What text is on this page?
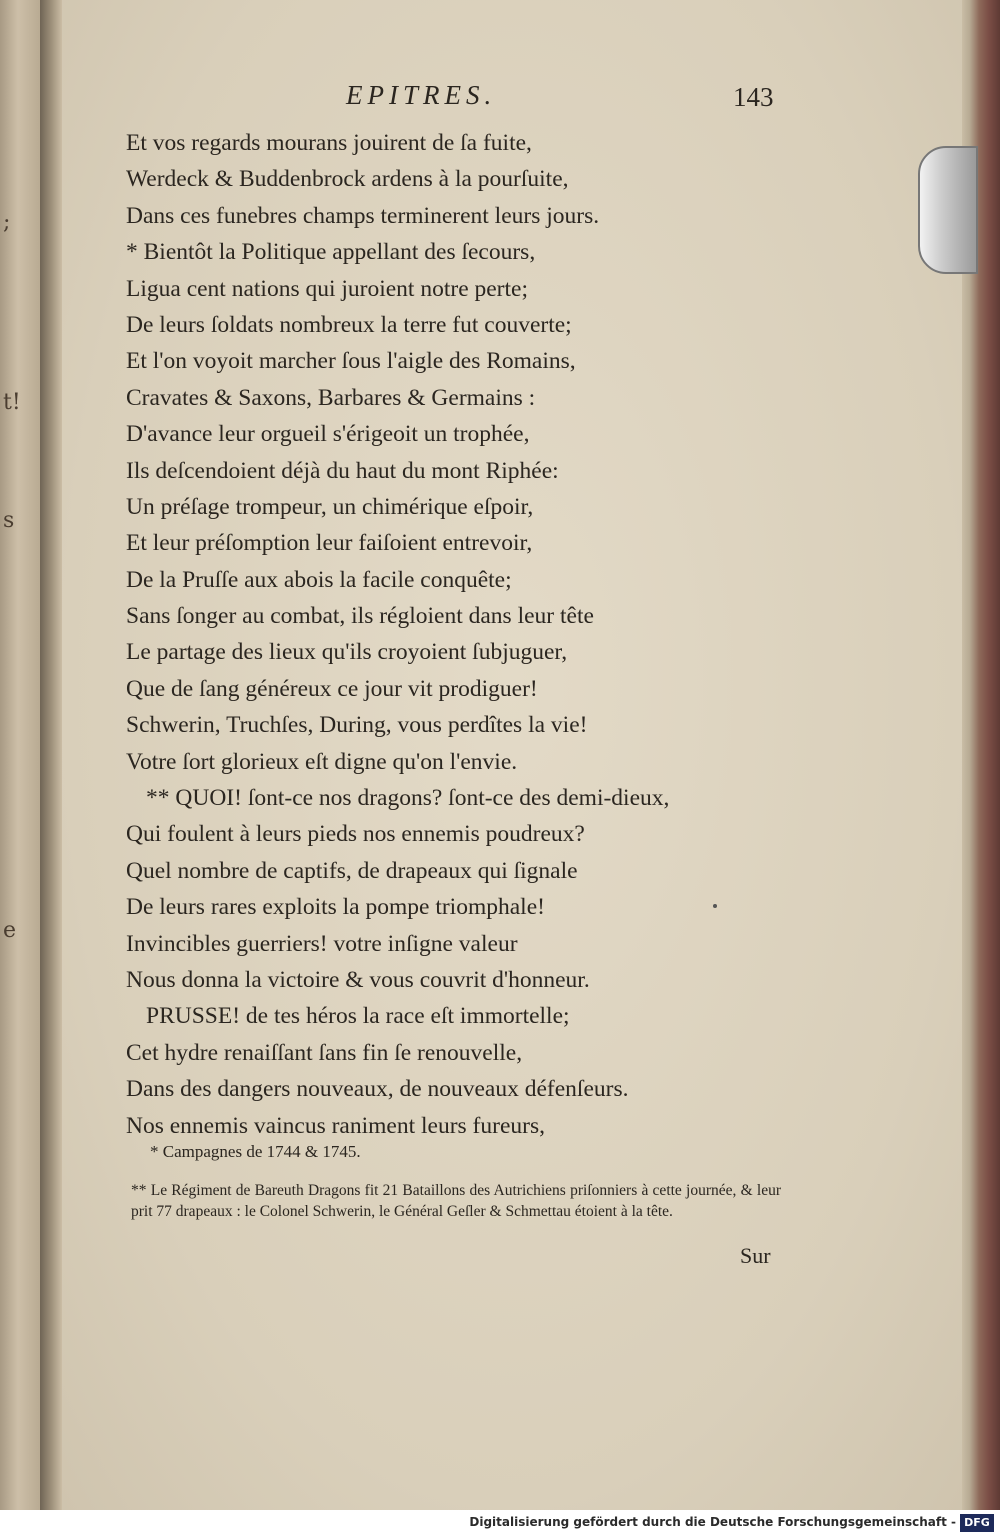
;
t!
s
e
EPITRES.	143
Et vos regards mourans jouirent de ſa fuite,
Werdeck & Buddenbrock ardens à la pourſuite,
Dans ces funebres champs terminerent leurs jours.
* Bientôt la Politique appellant des ſecours,
Ligua cent nations qui juroient notre perte;
De leurs ſoldats nombreux la terre fut couverte;
Et l'on voyoit marcher ſous l'aigle des Romains,
Cravates & Saxons, Barbares & Germains :
D'avance leur orgueil s'érigeoit un trophée,
Ils deſcendoient déjà du haut du mont Riphée:
Un préſage trompeur, un chimérique eſpoir,
Et leur préſomption leur faiſoient entrevoir,
De la Pruſſe aux abois la facile conquête;
Sans ſonger au combat, ils régloient dans leur tête
Le partage des lieux qu'ils croyoient ſubjuguer,
Que de ſang généreux ce jour vit prodiguer!
Schwerin, Truchſes, During, vous perdîtes la vie!
Votre ſort glorieux eſt digne qu'on l'envie.
** QUOI! ſont-ce nos dragons? ſont-ce des demi-dieux,
Qui foulent à leurs pieds nos ennemis poudreux?
Quel nombre de captifs, de drapeaux qui ſignale
De leurs rares exploits la pompe triomphale!
Invincibles guerriers! votre inſigne valeur
Nous donna la victoire & vous couvrit d'honneur.
PRUSSE! de tes héros la race eſt immortelle;
Cet hydre renaiſſant ſans fin ſe renouvelle,
Dans des dangers nouveaux, de nouveaux défenſeurs.
Nos ennemis vaincus raniment leurs fureurs,
* Campagnes de 1744 & 1745.
** Le Régiment de Bareuth Dragons fit 21 Bataillons des Autrichiens priſonniers à cette journée, & leur prit 77 drapeaux : le Colonel Schwerin, le Général Geſler & Schmettau étoient à la tête.
Sur
Digitalisierung gefördert durch die Deutsche Forschungsgemeinschaft - DFG
